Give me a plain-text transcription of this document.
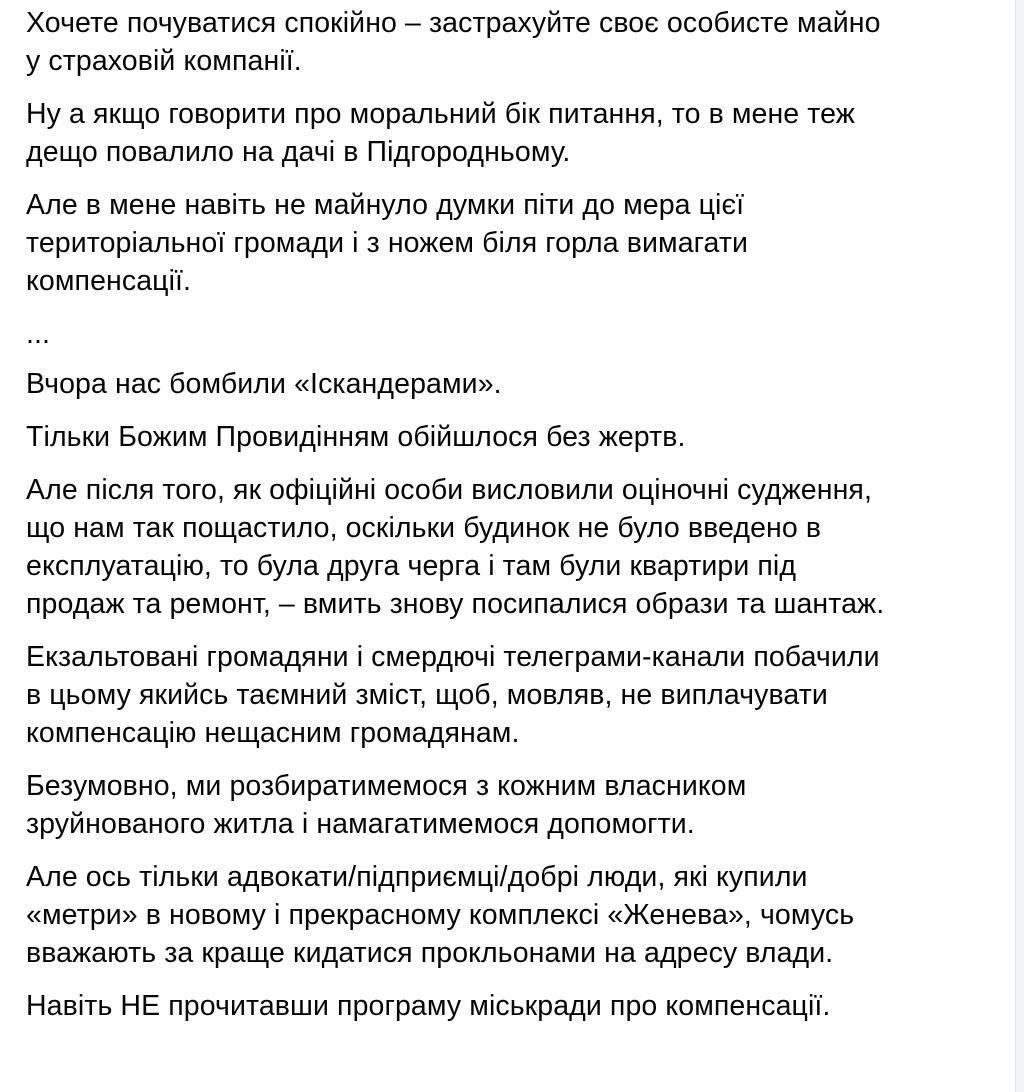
Хочете почуватися спокійно – застрахуйте своє особисте майно
у страховій компанії.

Ну а якщо говорити про моральний бік питання, то в мене теж
дещо повалило на дачі в Підгородньому.

Але в мене навіть не майнуло думки піти до мера цієї
територіальної громади і з ножем біля горла вимагати
компенсації.

...

Вчора нас бомбили «Іскандерами».

Тільки Божим Провидінням обійшлося без жертв.

Але після того, як офіційні особи висловили оціночні судження,
що нам так пощастило, оскільки будинок не було введено в
експлуатацію, то була друга черга і там були квартири під
продаж та ремонт, – вмить знову посипалися образи та шантаж.

Екзальтовані громадяни і смердючі телеграми-канали побачили
в цьому якийсь таємний зміст, щоб, мовляв, не виплачувати
компенсацію нещасним громадянам.

Безумовно, ми розбиратимемося з кожним власником
зруйнованого житла і намагатимемося допомогти.

Але ось тільки адвокати/підприємці/добрі люди, які купили
«метри» в новому і прекрасному комплексі «Женева», чомусь
вважають за краще кидатися прокльонами на адресу влади.

Навіть НЕ прочитавши програму міськради про компенсації.
